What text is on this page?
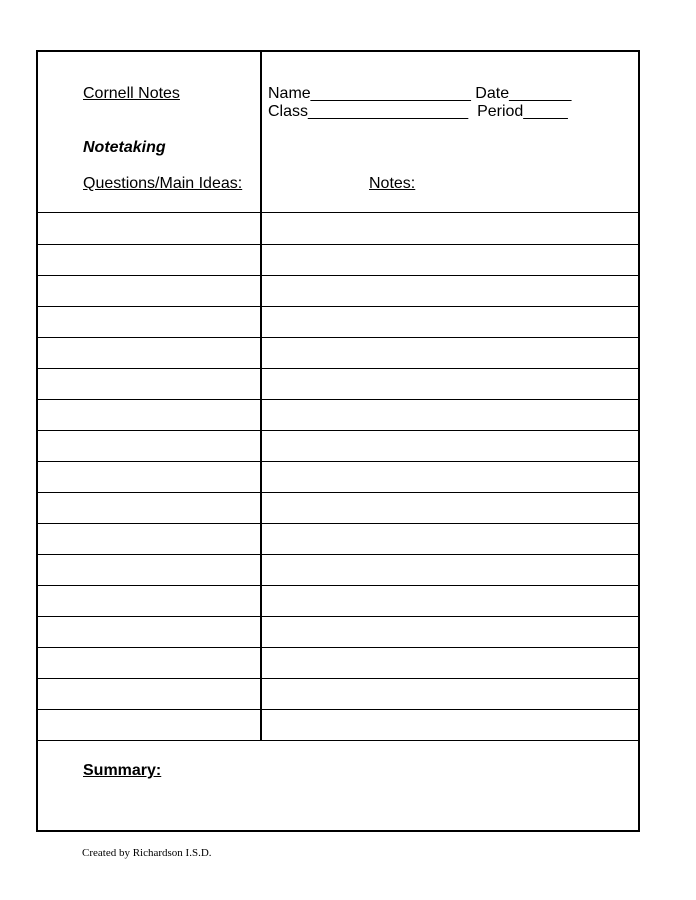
Cornell Notes
Notetaking
Questions/Main Ideas:	Notes:
Name__________________ Date_______
Class__________________  Period_____
Summary:
Created by Richardson I.S.D.
